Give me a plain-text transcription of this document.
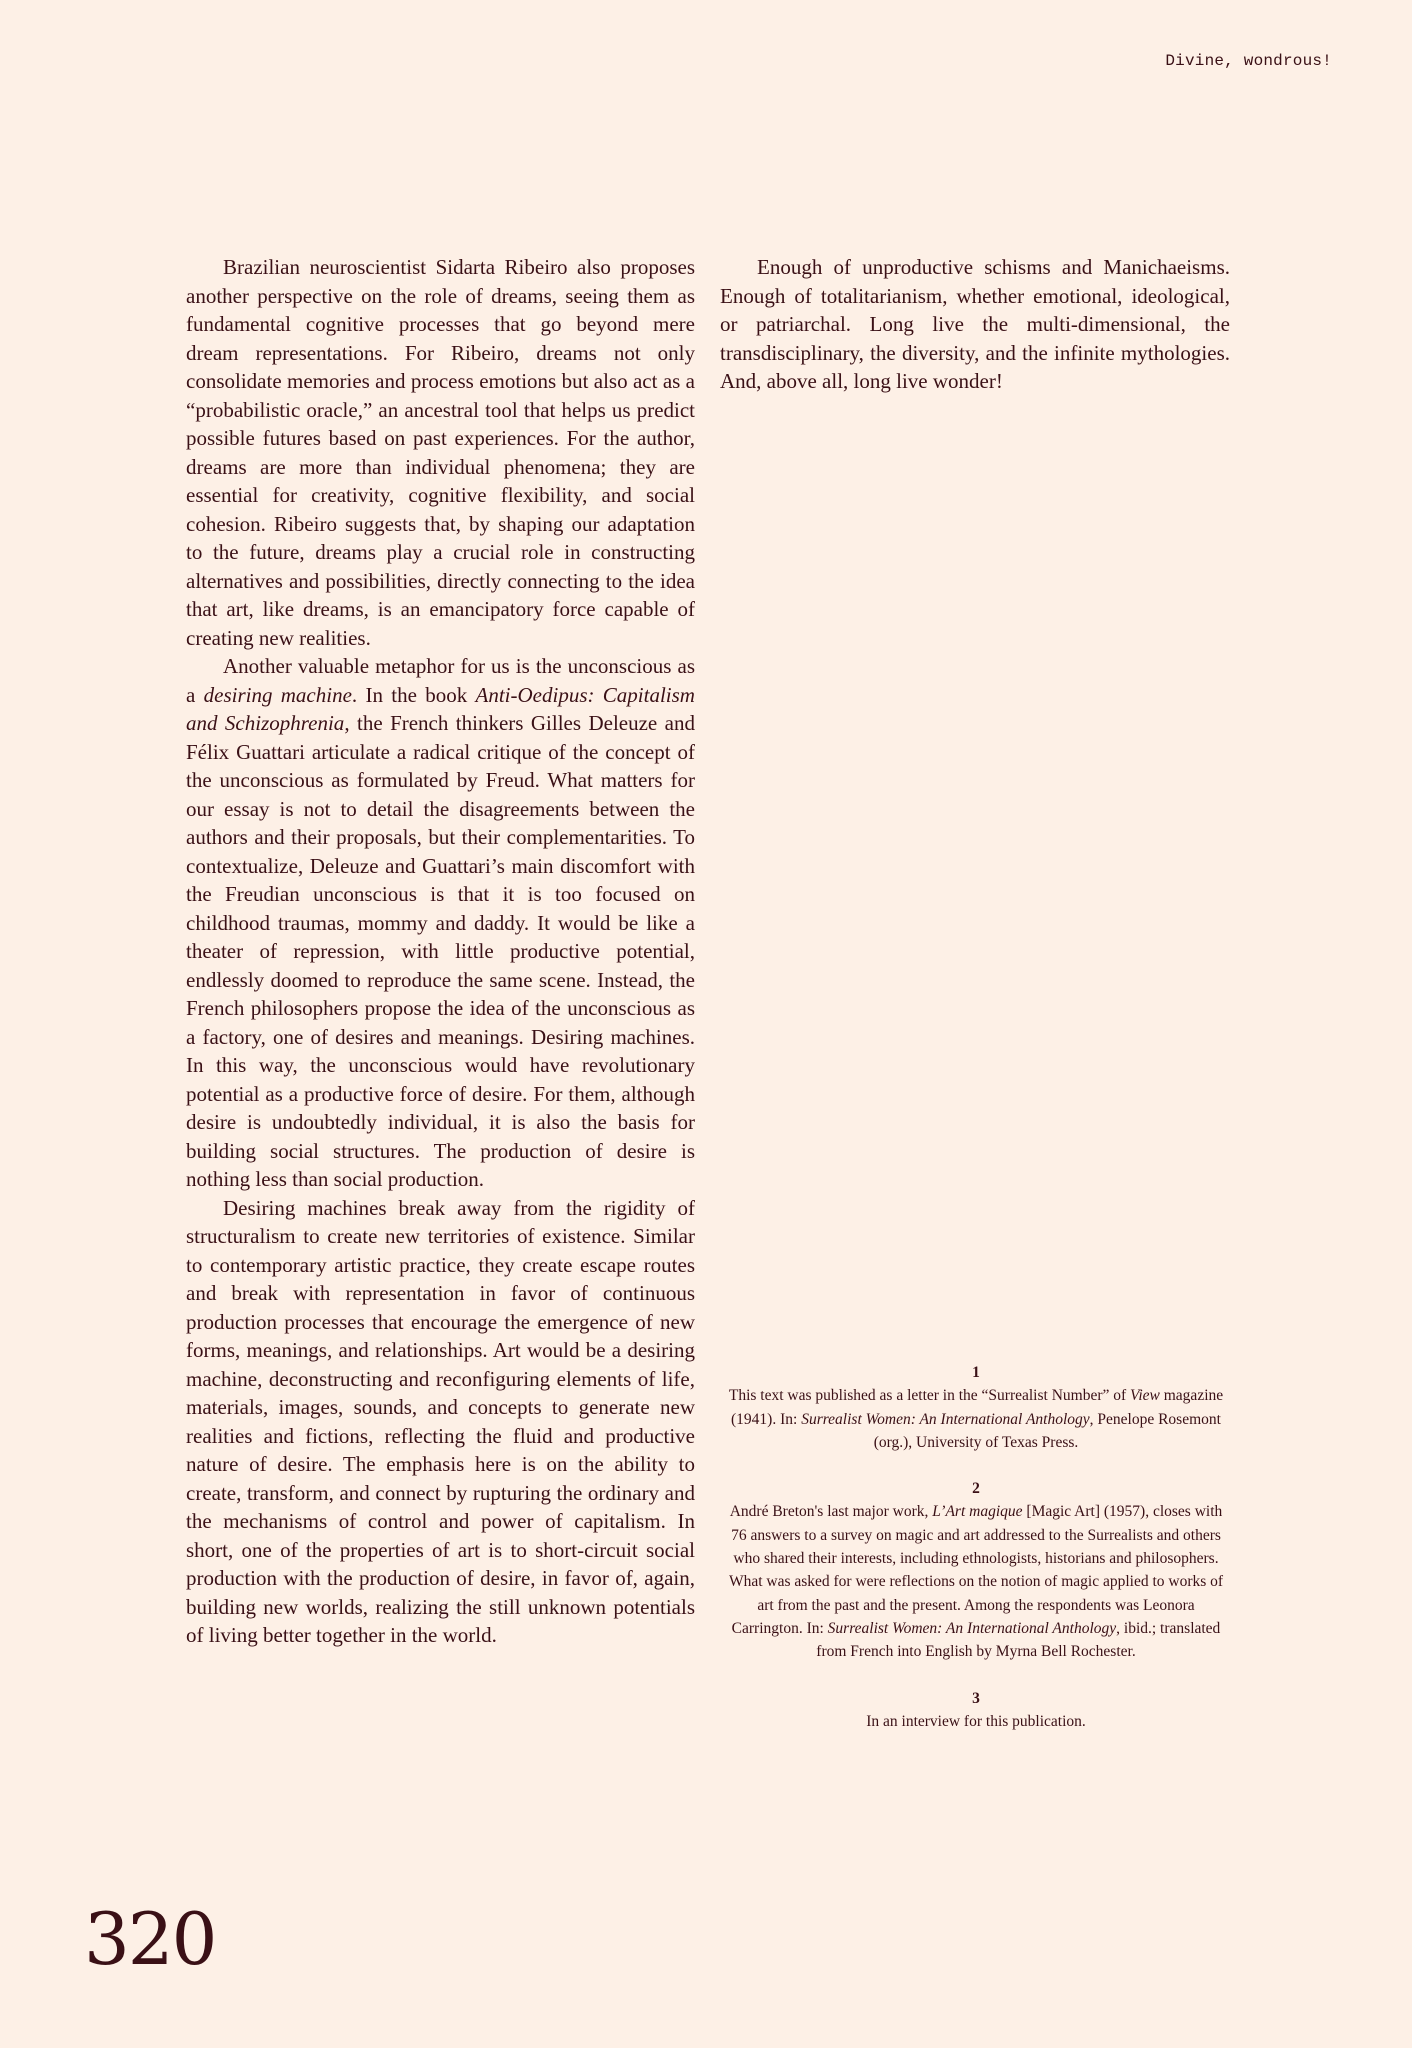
Divine, wondrous!

Brazilian neuroscientist Sidarta Ribeiro also proposes another perspective on the role of dreams, seeing them as fundamental cognitive processes that go beyond mere dream representations. For Ribeiro, dreams not only consolidate memories and process emotions but also act as a “probabilistic oracle,” an ancestral tool that helps us predict possible futures based on past experiences. For the author, dreams are more than individual phenomena; they are essential for creativity, cognitive flexibility, and social cohesion. Ribeiro suggests that, by shaping our adaptation to the future, dreams play a crucial role in constructing alternatives and possibilities, directly connecting to the idea that art, like dreams, is an emancipatory force capable of creating new realities.

Another valuable metaphor for us is the unconscious as a desiring machine. In the book Anti-Oedipus: Capitalism and Schizophrenia, the French thinkers Gilles Deleuze and Félix Guattari articulate a radical critique of the concept of the unconscious as formulated by Freud. What matters for our essay is not to detail the disagreements between the authors and their proposals, but their complementarities. To contextualize, Deleuze and Guattari’s main discomfort with the Freudian unconscious is that it is too focused on childhood traumas, mommy and daddy. It would be like a theater of repression, with little productive potential, endlessly doomed to reproduce the same scene. Instead, the French philosophers propose the idea of the unconscious as a factory, one of desires and meanings. Desiring machines. In this way, the unconscious would have revolutionary potential as a productive force of desire. For them, although desire is undoubtedly individual, it is also the basis for building social structures. The production of desire is nothing less than social production.

Desiring machines break away from the rigidity of structuralism to create new territories of existence. Similar to contemporary artistic practice, they create escape routes and break with representation in favor of continuous production processes that encourage the emergence of new forms, meanings, and relationships. Art would be a desiring machine, deconstructing and reconfiguring elements of life, materials, images, sounds, and concepts to generate new realities and fictions, reflecting the fluid and productive nature of desire. The emphasis here is on the ability to create, transform, and connect by rupturing the ordinary and the mechanisms of control and power of capitalism. In short, one of the properties of art is to short-circuit social production with the production of desire, in favor of, again, building new worlds, realizing the still unknown potentials of living better together in the world.

Enough of unproductive schisms and Manichaeisms. Enough of totalitarianism, whether emotional, ideological, or patriarchal. Long live the multi-dimensional, the transdisciplinary, the diversity, and the infinite mythologies. And, above all, long live wonder!

1
This text was published as a letter in the “Surrealist Number” of View magazine (1941). In: Surrealist Women: An International Anthology, Penelope Rosemont (org.), University of Texas Press.
2
André Breton's last major work, L’Art magique [Magic Art] (1957), closes with 76 answers to a survey on magic and art addressed to the Surrealists and others who shared their interests, including ethnologists, historians and philosophers. What was asked for were reflections on the notion of magic applied to works of art from the past and the present. Among the respondents was Leonora Carrington. In: Surrealist Women: An International Anthology, ibid.; translated from French into English by Myrna Bell Rochester.
3
In an interview for this publication.
320
